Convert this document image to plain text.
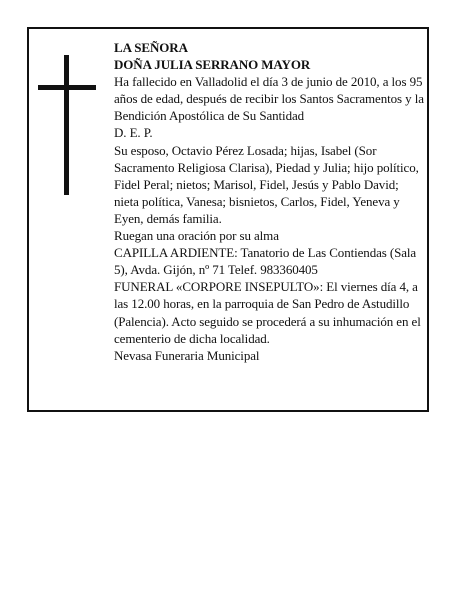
LA SEÑORA

DOÑA JULIA SERRANO MAYOR

Ha fallecido en Valladolid el día 3 de junio de 2010, a los 95 años de edad, después de recibir los Santos Sacramentos y la Bendición Apostólica de Su Santidad

D. E. P.

Su esposo, Octavio Pérez Losada; hijas, Isabel (Sor Sacramento Religiosa Clarisa), Piedad y Julia; hijo político, Fidel Peral; nietos; Marisol, Fidel, Jesús y Pablo David; nieta política, Vanesa; bisnietos, Carlos, Fidel, Yeneva y Eyen, demás familia.

Ruegan una oración por su alma

CAPILLA ARDIENTE: Tanatorio de Las Contiendas (Sala 5), Avda. Gijón, nº 71 Telef. 983360405

FUNERAL «CORPORE INSEPULTO»: El viernes día 4, a las 12.00 horas, en la parroquia de San Pedro de Astudillo (Palencia). Acto seguido se procederá a su inhumación en el cementerio de dicha localidad.

Nevasa Funeraria Municipal
